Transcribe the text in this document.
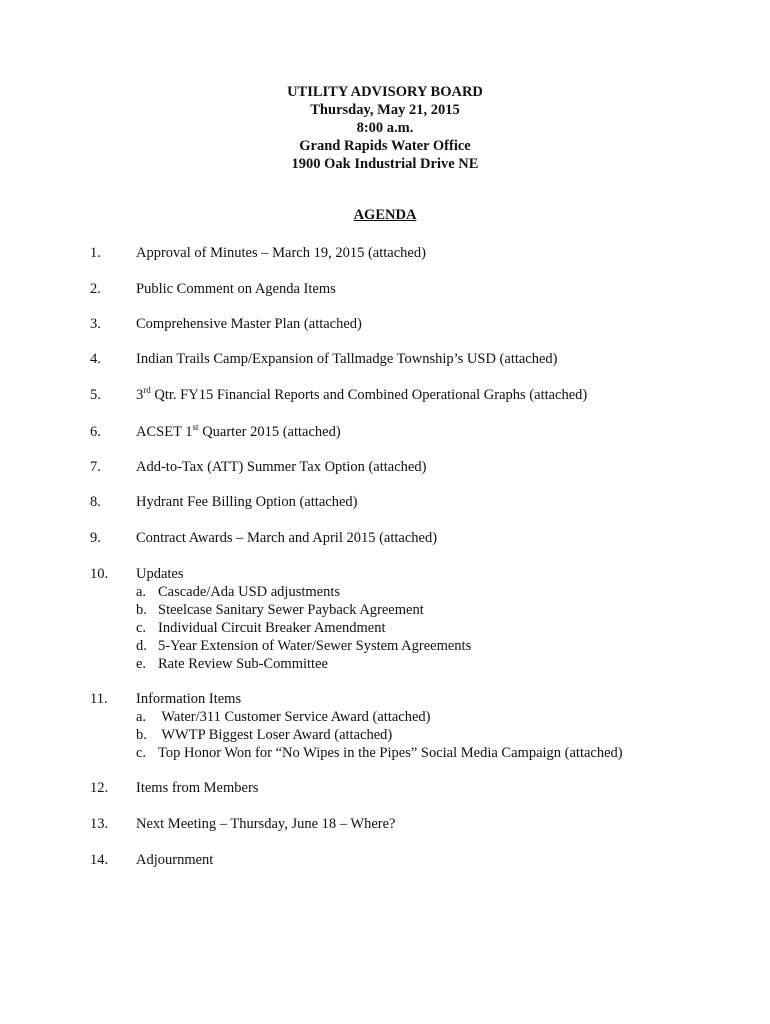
UTILITY ADVISORY BOARD
Thursday, May 21, 2015
8:00 a.m.
Grand Rapids Water Office
1900 Oak Industrial Drive NE
AGENDA
1. Approval of Minutes – March 19, 2015 (attached)
2. Public Comment on Agenda Items
3. Comprehensive Master Plan (attached)
4. Indian Trails Camp/Expansion of Tallmadge Township’s USD (attached)
5. 3rd Qtr. FY15 Financial Reports and Combined Operational Graphs (attached)
6. ACSET 1st Quarter 2015 (attached)
7. Add-to-Tax (ATT) Summer Tax Option (attached)
8. Hydrant Fee Billing Option (attached)
9. Contract Awards – March and April 2015 (attached)
10. Updates
a. Cascade/Ada USD adjustments
b. Steelcase Sanitary Sewer Payback Agreement
c. Individual Circuit Breaker Amendment
d. 5-Year Extension of Water/Sewer System Agreements
e. Rate Review Sub-Committee
11. Information Items
a. Water/311 Customer Service Award (attached)
b. WWTP Biggest Loser Award (attached)
c. Top Honor Won for “No Wipes in the Pipes” Social Media Campaign (attached)
12. Items from Members
13. Next Meeting – Thursday, June 18 – Where?
14. Adjournment
